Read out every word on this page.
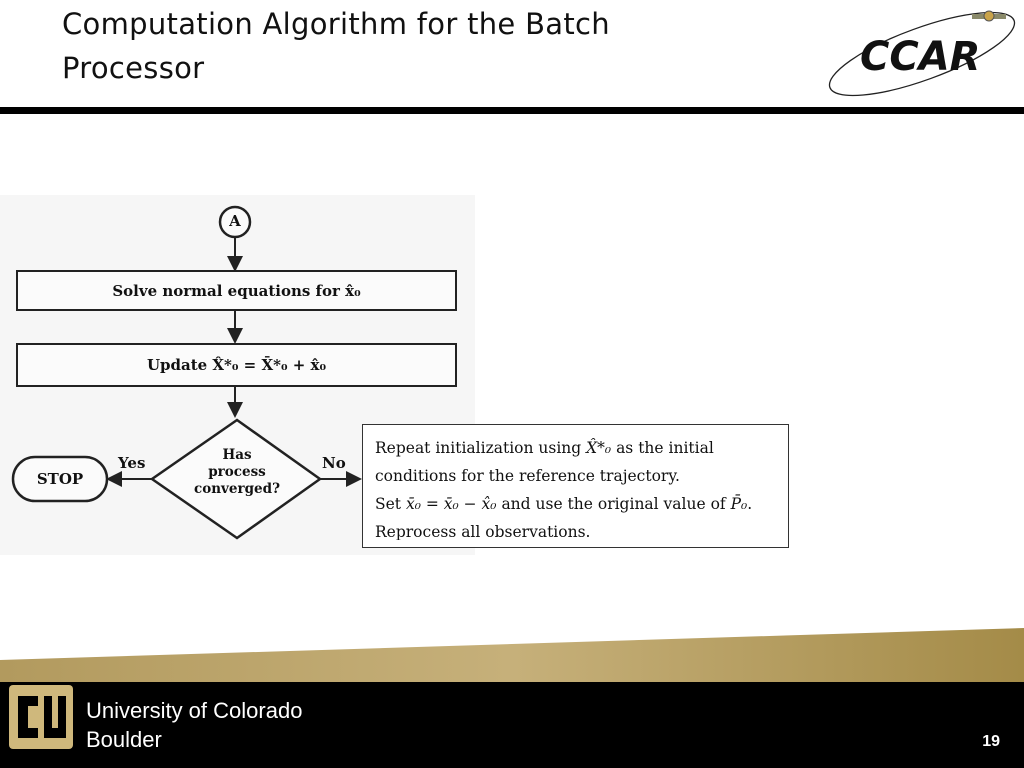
Computation Algorithm for the Batch
Processor	CCAR
A
Solve normal equations for x̂₀
Update X̂*₀ = X̄*₀ + x̂₀
Has
process
converged?
Yes	No
STOP
Repeat initialization using X̂*₀ as the initial
conditions for the reference trajectory.
Set x̄₀ = x̄₀ − x̂₀ and use the original value of P̄₀.
Reprocess all observations.
University of Colorado
Boulder	19
